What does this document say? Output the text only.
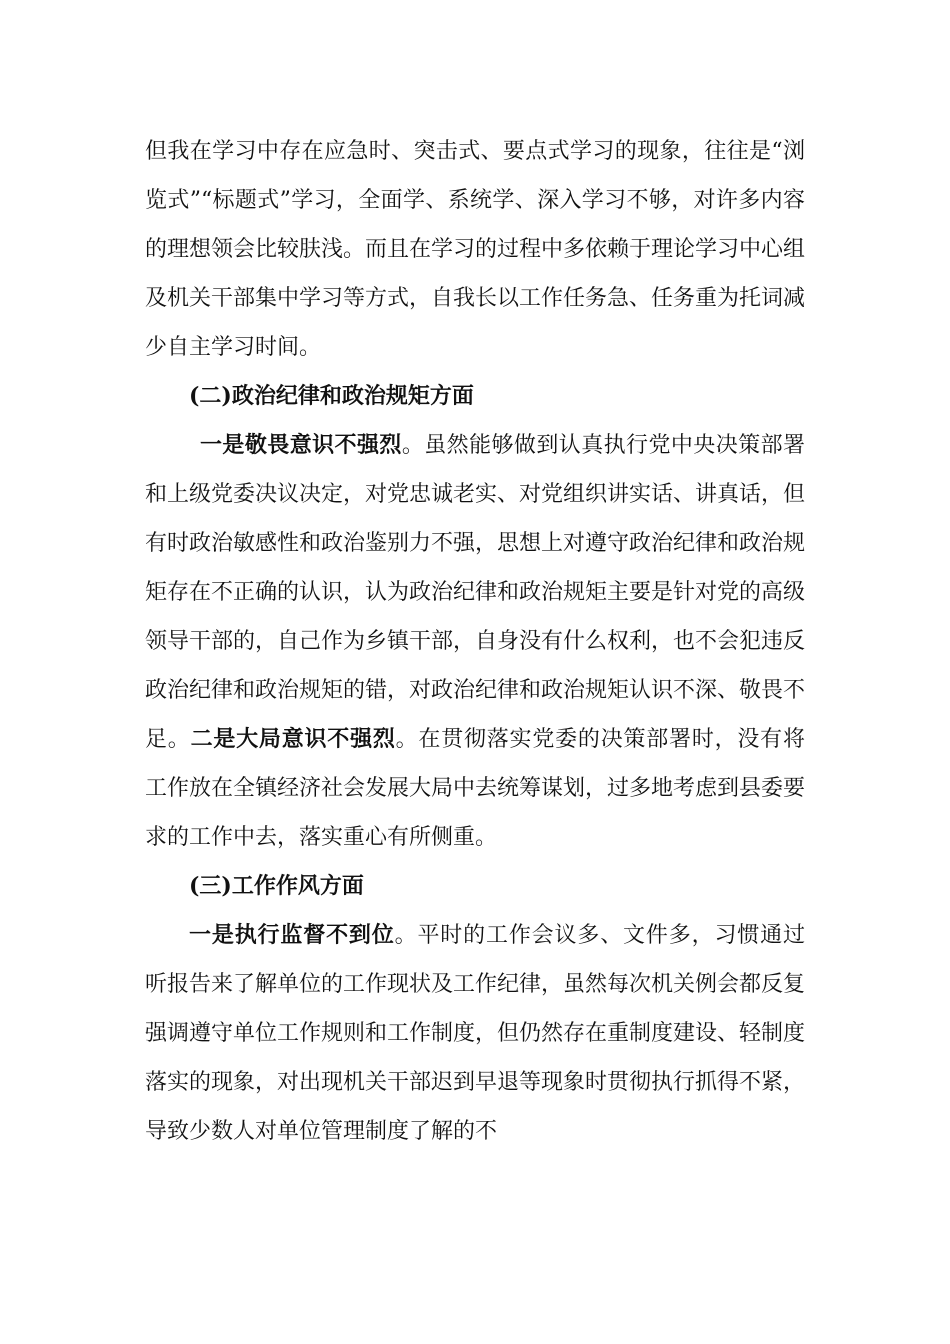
但我在学习中存在应急时、突击式、要点式学习的现象，往往是“浏览式”“标题式”学习，全面学、系统学、深入学习不够，对许多内容的理想领会比较肤浅。而且在学习的过程中多依赖于理论学习中心组及机关干部集中学习等方式，自我长以工作任务急、任务重为托词减少自主学习时间。

(二)政治纪律和政治规矩方面

一是敬畏意识不强烈。虽然能够做到认真执行党中央决策部署和上级党委决议决定，对党忠诚老实、对党组织讲实话、讲真话，但有时政治敏感性和政治鉴别力不强，思想上对遵守政治纪律和政治规矩存在不正确的认识，认为政治纪律和政治规矩主要是针对党的高级领导干部的，自己作为乡镇干部，自身没有什么权利，也不会犯违反政治纪律和政治规矩的错，对政治纪律和政治规矩认识不深、敬畏不足。二是大局意识不强烈。在贯彻落实党委的决策部署时，没有将工作放在全镇经济社会发展大局中去统筹谋划，过多地考虑到县委要求的工作中去，落实重心有所侧重。

(三)工作作风方面

一是执行监督不到位。平时的工作会议多、文件多，习惯通过听报告来了解单位的工作现状及工作纪律，虽然每次机关例会都反复强调遵守单位工作规则和工作制度，但仍然存在重制度建设、轻制度落实的现象，对出现机关干部迟到早退等现象时贯彻执行抓得不紧，导致少数人对单位管理制度了解的不
